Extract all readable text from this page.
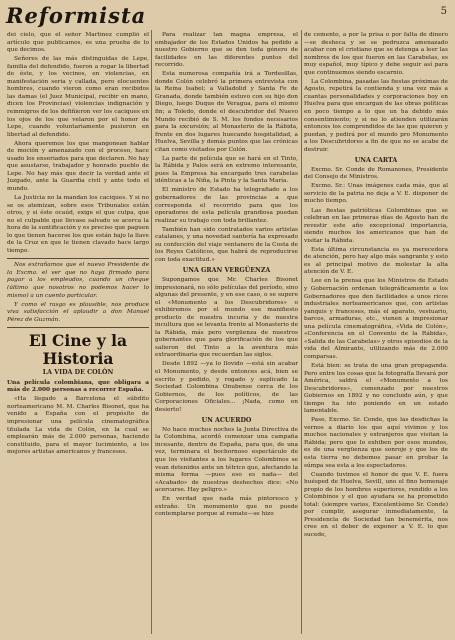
Reformista	5

dei cielo, que el señor Martínez cumplió el artículo que publicamos, es una prueba de lo que decimos.

Señores de las más distinguidas de Lepe, familia del defendido, fueron a rogar la libertad de éste, y los vecinos, en violencias, en manifestación seria y callada, pero elocuentes hombres, cuando vieron como eran recibidos las damas (el Juez Municipal, recibir en mano, dicen los Provincias) violencias indignación y reinmigros de los defiñieron ver los caciques en los ojos de los que velaron por el honor de Lepe, cuando voluntariamente pusieron en libertad al defendido.

Ahora queremos los que mangonean hablar de moción y amenazado con el proceso, hace usado los enseriados para que declaren. No hay que asustarse, trabajador y honrado pueblo de Lepe. No hay más que decir la verdad ante el Juzgado, ante la Guardia civil y ante todo el mundo.

La Justicia no la mandan los caciques. Y si no se os atemizan, sobre esos Tribunales están otros, y si éste ocaúd, exige el que culpa, que no el culpable que llevase salvado se acerca la hora de la suntificación y es preciso que paguen lo que tienen hacerse los que están bajo la llave de la Cruz en que le tienen clavado hace largo tiempo.

Nos extrañamos que el nuevo Presidente de la Excma. el ver que no haya firmado para pagar a los empleados, cuando un cheque (último que nosotros no podemos hacer lo mismo) a un cuento particular.

Y como el rasgo es plausible, nos produce viva satisfacción el aplaudir a don Manuel Pérez de Guzmán.

El Cine y la Historia
LA VIDA DE COLÓN

Una película colombiana, que obligara a más de 2.000 personas a recorrer España.

«Ha llegado a Barcelona el súbdito norteamericano M. M. Charles Bisonet, que ha venido a España con el propósito de impresionar una película cinematográfica titulada La vida de Colón, en la cual se emplearán más de 2.000 personas, haciendo constituido, para el mayor lucimiento, a los mejores artistas americanos y franceses.

Para realizar tan magna empresa, el embajador de los Estados Unidos ha pedido a nuestro Gobierno que se den toda género de facilidades en las diferentes puntos del recorrido.

Esta numerosa compañía irá a Tordesillas, donde Colón celebró la primera entrevista con la Reina Isabel; a Valladolid y Santa Fe de Granada, donde también estuvo con su hijo don Diego, luego Duque de Veragua, para el mismo fin; a Toledo, donde el descubridor del Nuevo Mundo recibió de S. M. los fondos necesarios para la excursión; al Monasterio de la Rábida, frente en dos lugares huecando hospitalidad, a Huelva, Sevilla y demás puntos que las crónicas citan como visitados por Colón.

La parte de película que se hará en el Tinto, la Rábida y Palos será en extremo interesante, pues la Empresa ha encargado tres carabelas idénticas a la Niña, la Pinta y la Santa María.

El ministro de Estado ha telegrafiado a los gobernadores de las provincias a que corresponda el recorrido para que los operadores de esta película grandiosa puedan realizar su trabajo con toda brillantez.

También han sido contratados varios artistas catalanes, y una novedad santería ha expresado su confección del viaje ventanero de la Costa de los Reyes Católicos, que habrá de reproducirse con toda exactitud.»

UNA GRAN VERGÜENZA

Supongamos que Mr. Charles Bisonet impresionará, no sólo películas del período, sino algunas del presente, y en ese caso, o se supere el «Monumento a los Descubridores» o exhibiremos por el mundo ese manifiesto producto de nuestra incuria y de nuestra incultura que se levanta frente al Monasterio de la Rábida, más pero vergüenza de nuestros gobernantes que para glorificación de los que salieron del Tinto a la aventura más extraordinaria que recuerdan las siglos.

Desde 1892 —ya lo llovido —está sin acabar el Monumento, y desde entonces acá, bien se escrito y pedido, y rogado y suplicado la Sociedad Colombina Onubense cerca de los Gobiernos, de los políticos, de las Corporaciones Oficiales... ¡Nada, como en desierto!

UN ACUERDO

No hace muchos noches la Junta Directiva de la Colombina, acordó comenzar una campaña incesante, dentro de España, para que, de una vez, terminara el bochornoso espectáculo de que los visitantes a los lugares Colombinos se vean detenidos ante un tétrico que, afectando la misma forma —pues eso es nada— del «Acabado» de nuestras deshechos dice: «No acercarse. Hay peligro.»

En verdad que nada más pintoresco y extraño. Un monumento que no puede contemplarse porque al remate—se hizo

de cemento, a por la prisa o por falta de dinero —se desheca y se se pedruzca amenazado acabar con el cristiano que se detenga a leer las nombres de los que fueron en las Carabelas, es muy español, muy típico y debe seguir así para que continuemos siendo escarnio.

La Colombina, pasadas las fiestas próximas de Agosto, repetirá la contienda y una vez más a cuantas personalidades y corporaciones hoy en Huelva para que encargan de las obras políticas en poco tiempo a lo que un ha debido más consentimiento; y si no lo atienden utilizarán entonces los comprendidos de las que quieren y puedan, y pedirá por el mundo pro Monumento a los Descubridores a fin de que no se acabe de destruir.

UNA CARTA

Excmo. Sr. Conde de Romanones, Presidente del Consejo de Ministros.

Excmo. Sr.: Unas imágenes cada más, que al servicio de la patria no deja a V. E. disponer de mucho tiempo.

Las fiestas patrióticas Colombinas que se celebran en las primeras días de Agosto han de revestir este año excepcional importancia, siendo muchos los americanos que han de visitar la Rábida.

Esta última circunstancia es ya merecedora de atención, pero hay algo más sangrante y esto es al principal motivo de molestar la alta atención de V. E.

Lee en la prensa que los Ministros de Estado y Gobernación ordenan telegráficamente a los Gobernadores que den facilidades a unos ricos industriales norteamericanos que, con artistas yanquis y franceses, más el aparato, vestuario, barcos, armaduras, etc., vienen a impresionar una película cinematográfica, «Vida de Colón», «Conferencia en el Convento de la Rábida», «Salida de las Carabelas» y otros episodios de la vida del Almirante, utilizando más de 2.000 comparsas.

Está bien: se trata de una gran propaganda. Pero entre los cosas que la fotografía llevará por América, saldrá el «Monumento a los Descubridores», comenzado por nuestros Gobiernos en 1892 y no concluido aún, y que tiempo ha ido poniendo en un estado lamentable.

Pase, Excmo. Sr. Conde, que las desdichas la vernos a diario los que aquí vivimos y los muchos nacionales y extranjeros que visitan la Rábida; pero que lo exhiben por esos mundos, es de una vergüenza que sonroje y que los de esta tierra no debemos pasar en probar la súmpa sea esta a los espectadores.

Cuando tuvimos el honor de que V. E. fuera huésped de Huelva, Sevill, uno el fino homenaje propio de los hombres superiores, rendido a los Colombinos y el que ayudara se ha prometido total: (siempre varios, Excelentísimo Sr. Conde) por cumplir, asegurar inmediatamente, la Presidencia de Sociedad tan benemérita, nos cree en el deber de exponer a V. E. lo que sucede,
